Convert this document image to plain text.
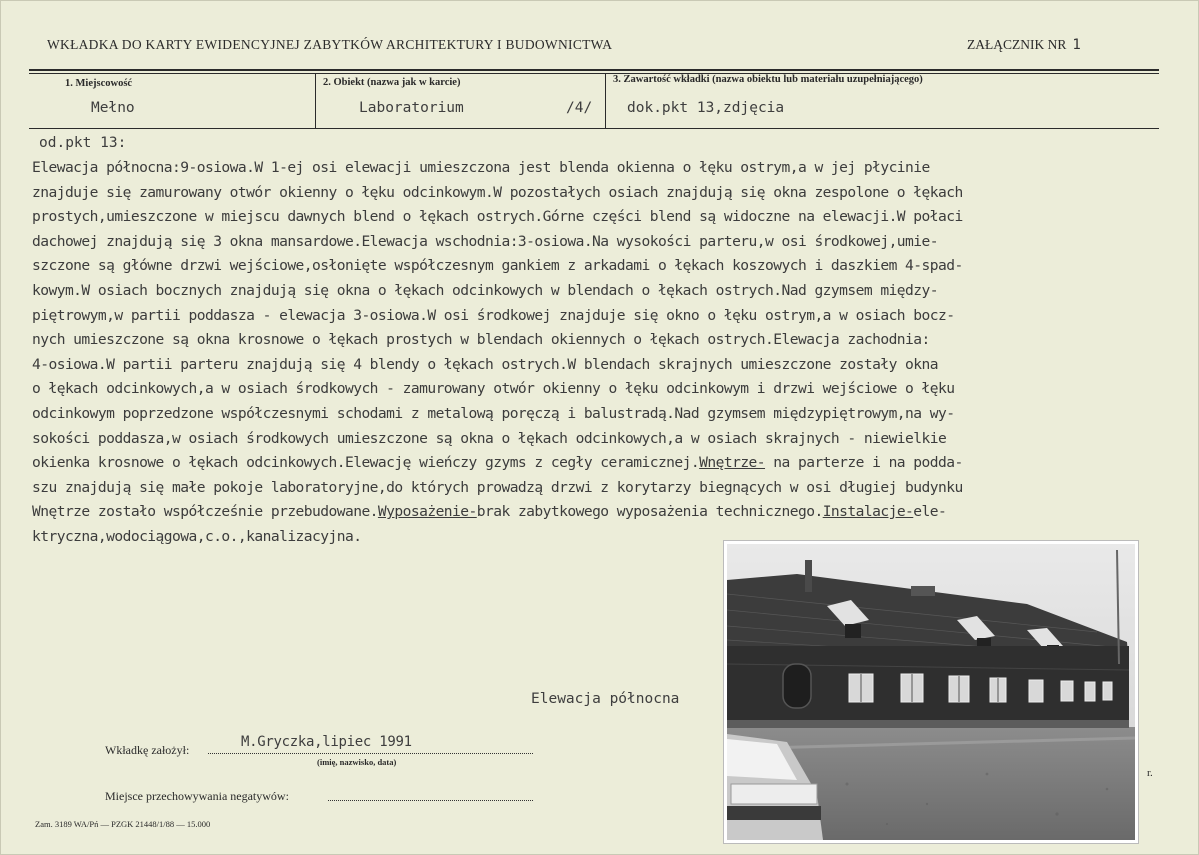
WKŁADKA DO KARTY EWIDENCYJNEJ ZABYTKÓW ARCHITEKTURY I BUDOWNICTWA	ZAŁĄCZNIK NR 1
1. Miejscowość
Mełno
2. Obiekt (nazwa jak w karcie)
Laboratorium	/4/
3. Zawartość wkładki (nazwa obiektu lub materiału uzupełniającego)
dok.pkt 13,zdjęcia
od.pkt 13:
Elewacja północna:9-osiowa.W 1-ej osi elewacji umieszczona jest blenda okienna o łęku ostrym,a w jej płycinie
znajduje się zamurowany otwór okienny o łęku odcinkowym.W pozostałych osiach znajdują się okna zespolone o łękach
prostych,umieszczone w miejscu dawnych blend o łękach ostrych.Górne części blend są widoczne na elewacji.W połaci
dachowej znajdują się 3 okna mansardowe.Elewacja wschodnia:3-osiowa.Na wysokości parteru,w osi środkowej,umie-
szczone są główne drzwi wejściowe,osłonięte współczesnym gankiem z arkadami o łękach koszowych i daszkiem 4-spad-
kowym.W osiach bocznych znajdują się okna o łękach odcinkowych w blendach o łękach ostrych.Nad gzymsem między-
piętrowym,w partii poddasza - elewacja 3-osiowa.W osi środkowej znajduje się okno o łęku ostrym,a w osiach bocz-
nych umieszczone są okna krosnowe o łękach prostych w blendach okiennych o łękach ostrych.Elewacja zachodnia:
4-osiowa.W partii parteru znajdują się 4 blendy o łękach ostrych.W blendach skrajnych umieszczone zostały okna
o łękach odcinkowych,a w osiach środkowych - zamurowany otwór okienny o łęku odcinkowym i drzwi wejściowe o łęku
odcinkowym poprzedzone współczesnymi schodami z metalową poręczą i balustradą.Nad gzymsem międzypiętrowym,na wy-
sokości poddasza,w osiach środkowych umieszczone są okna o łękach odcinkowych,a w osiach skrajnych - niewielkie
okienka krosnowe o łękach odcinkowych.Elewację wieńczy gzyms z cegły ceramicznej.Wnętrze- na parterze i na podda-
szu znajdują się małe pokoje laboratoryjne,do których prowadzą drzwi z korytarzy biegnących w osi długiej budynku
Wnętrze zostało współcześnie przebudowane.Wyposażenie-brak zabytkowego wyposażenia technicznego.Instalacje-ele-
ktryczna,wodociągowa,c.o.,kanalizacyjna.
Elewacja północna
r.
Wkładkę założył:	M.Gryczka,lipiec 1991
(imię, nazwisko, data)
Miejsce przechowywania negatywów:
Zam. 3189 WA/Pń — PZGK 21448/1/88 — 15.000
